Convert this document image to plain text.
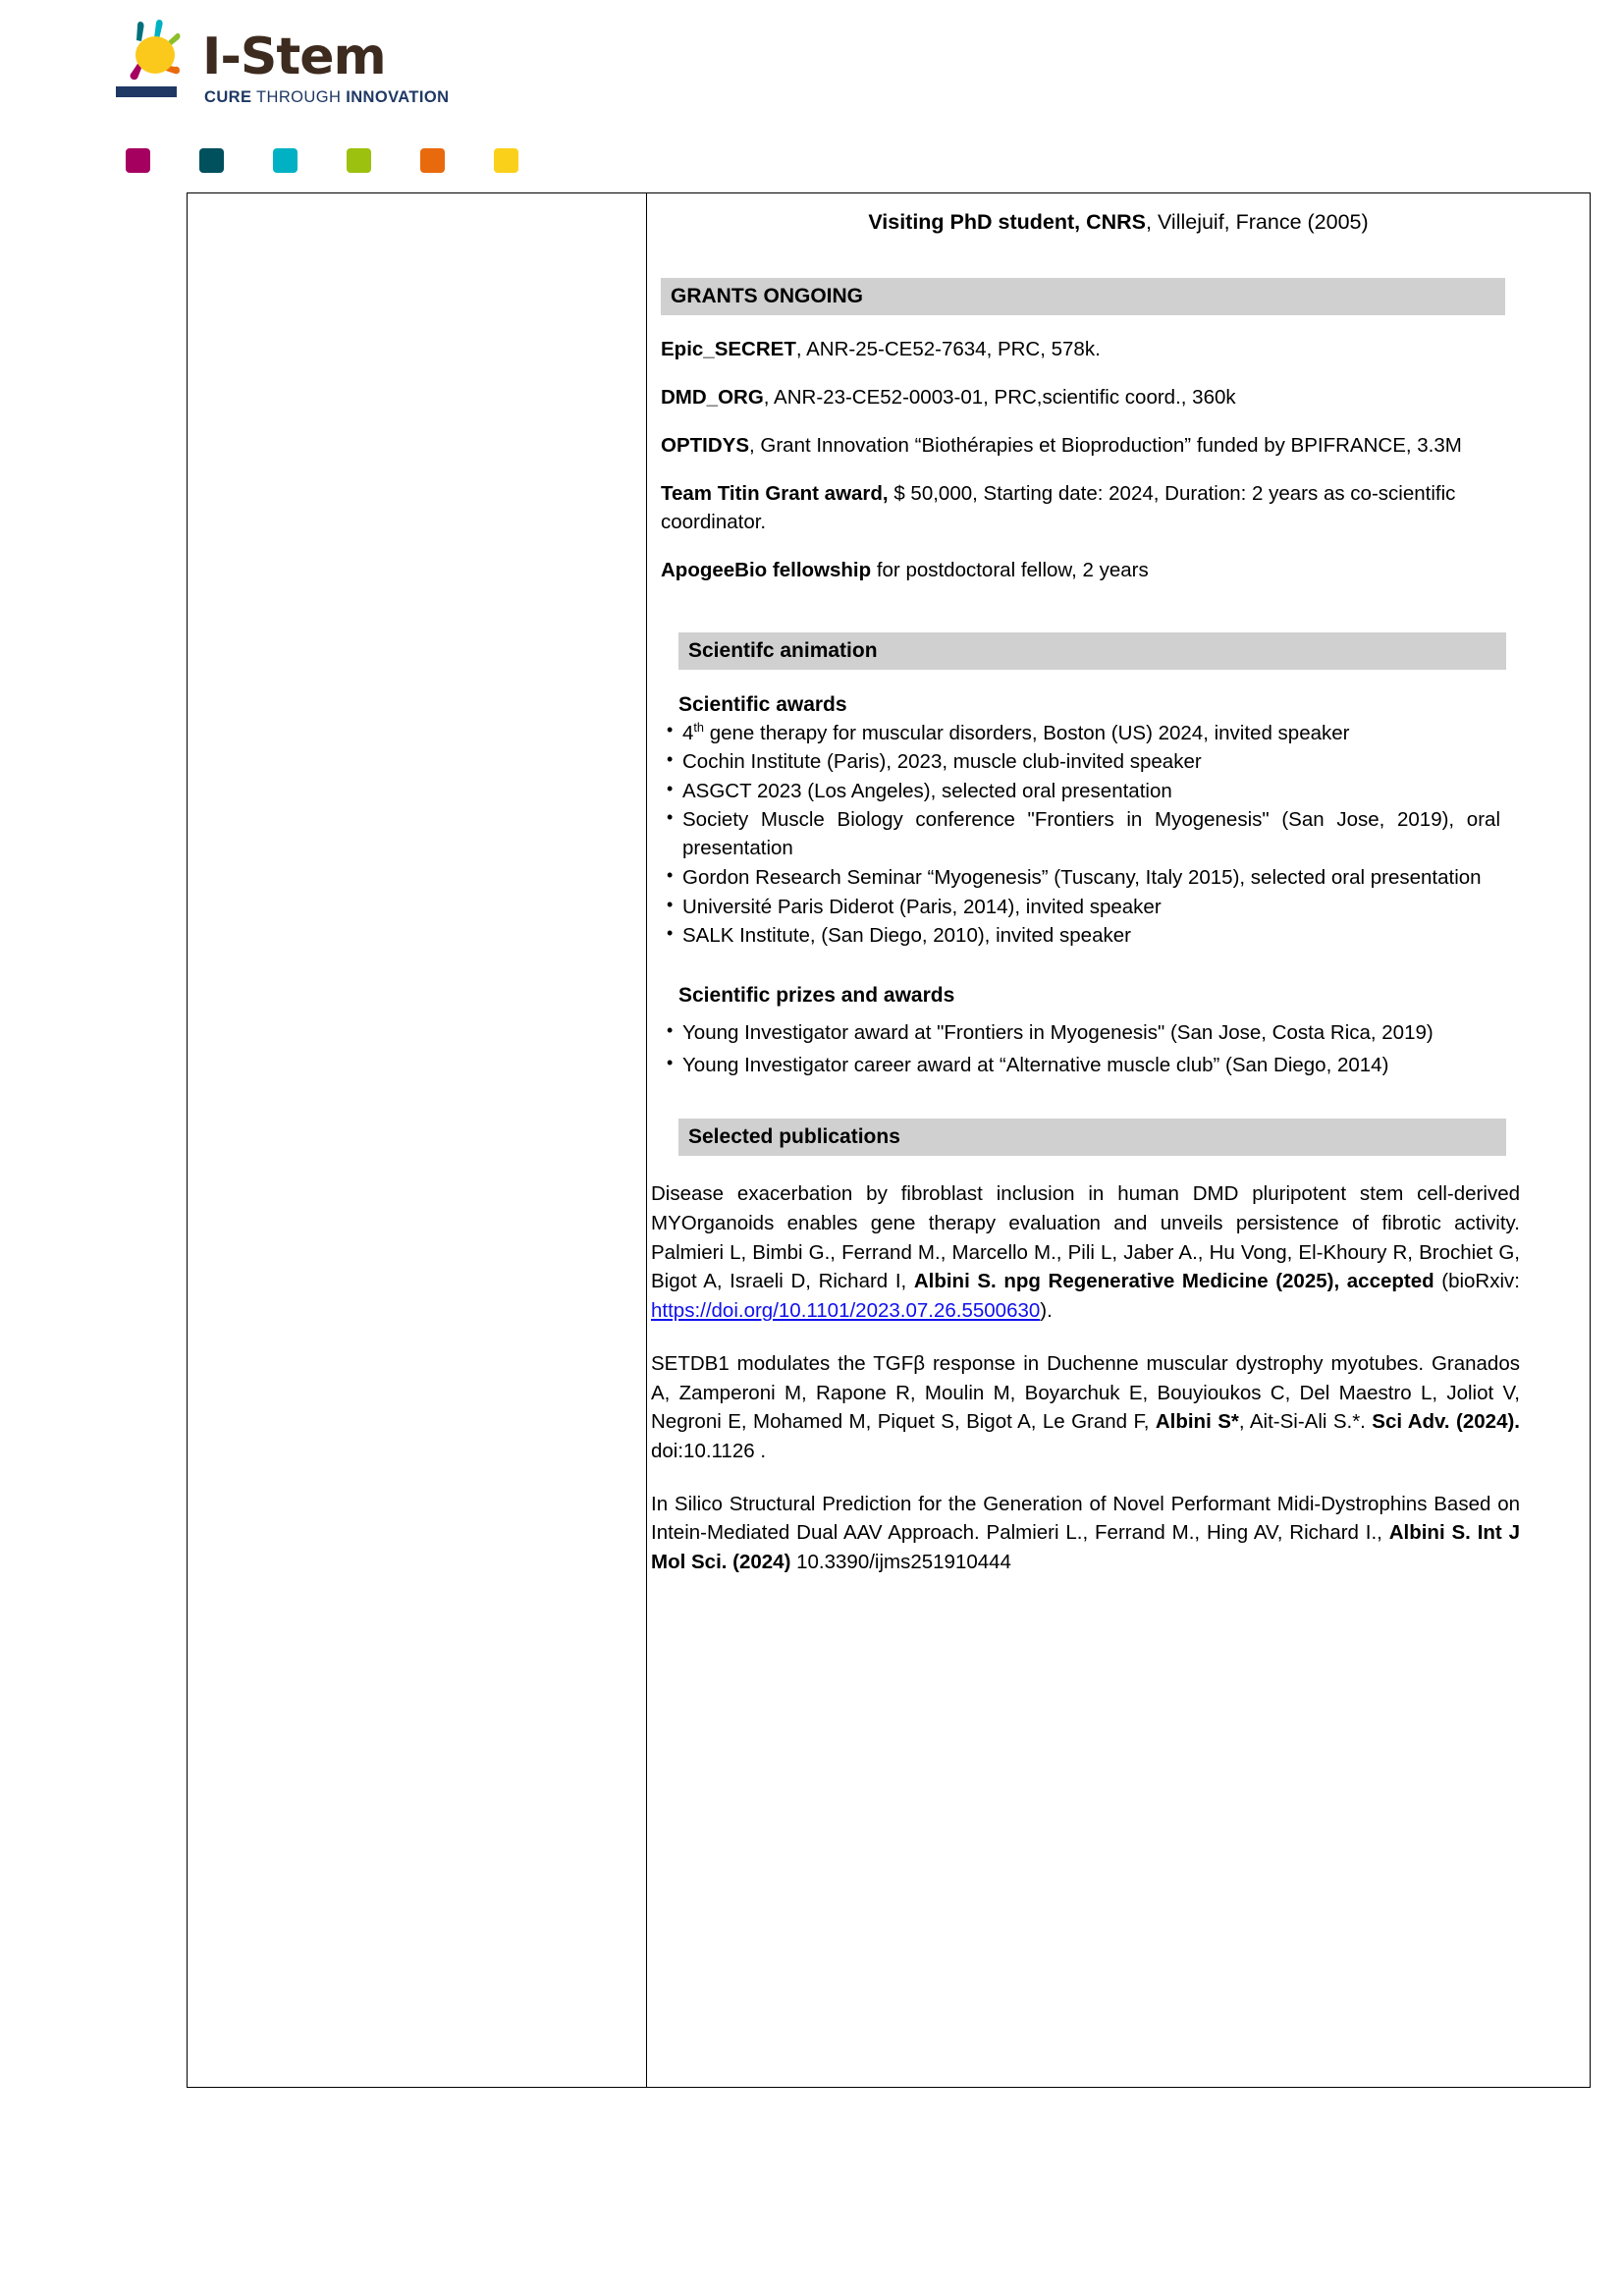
I-Stem
CURE THROUGH INNOVATION
Visiting PhD student, CNRS, Villejuif, France (2005)
GRANTS ONGOING

Epic_SECRET, ANR-25-CE52-7634, PRC, 578k.

DMD_ORG, ANR-23-CE52-0003-01, PRC,scientific coord., 360k

OPTIDYS, Grant Innovation “Biothérapies et Bioproduction” funded by BPIFRANCE, 3.3M

Team Titin Grant award, $ 50,000, Starting date: 2024, Duration: 2 years as co-scientific coordinator.

ApogeeBio fellowship for postdoctoral fellow, 2 years

Scientifc animation
Scientific awards
• 4th gene therapy for muscular disorders, Boston (US) 2024, invited speaker
• Cochin Institute (Paris), 2023, muscle club-invited speaker
• ASGCT 2023 (Los Angeles), selected oral presentation
• Society Muscle Biology conference "Frontiers in Myogenesis" (San Jose, 2019), oral presentation
• Gordon Research Seminar “Myogenesis” (Tuscany, Italy 2015), selected oral presentation
• Université Paris Diderot (Paris, 2014), invited speaker
• SALK Institute, (San Diego, 2010), invited speaker
Scientific prizes and awards
• Young Investigator award at "Frontiers in Myogenesis" (San Jose, Costa Rica, 2019)
• Young Investigator career award at “Alternative muscle club” (San Diego, 2014)
Selected publications

Disease exacerbation by fibroblast inclusion in human DMD pluripotent stem cell-derived MYOrganoids enables gene therapy evaluation and unveils persistence of fibrotic activity. Palmieri L, Bimbi G., Ferrand M., Marcello M., Pili L, Jaber A., Hu Vong, El-Khoury R, Brochiet G, Bigot A, Israeli D, Richard I, Albini S. npg Regenerative Medicine (2025), accepted (bioRxiv: https://doi.org/10.1101/2023.07.26.5500630).

SETDB1 modulates the TGFβ response in Duchenne muscular dystrophy myotubes. Granados A, Zamperoni M, Rapone R, Moulin M, Boyarchuk E, Bouyioukos C, Del Maestro L, Joliot V, Negroni E, Mohamed M, Piquet S, Bigot A, Le Grand F, Albini S*, Ait-Si-Ali S.*. Sci Adv. (2024). doi:10.1126 .

In Silico Structural Prediction for the Generation of Novel Performant Midi-Dystrophins Based on Intein-Mediated Dual AAV Approach. Palmieri L., Ferrand M., Hing AV, Richard I., Albini S. Int J Mol Sci. (2024) 10.3390/ijms251910444
